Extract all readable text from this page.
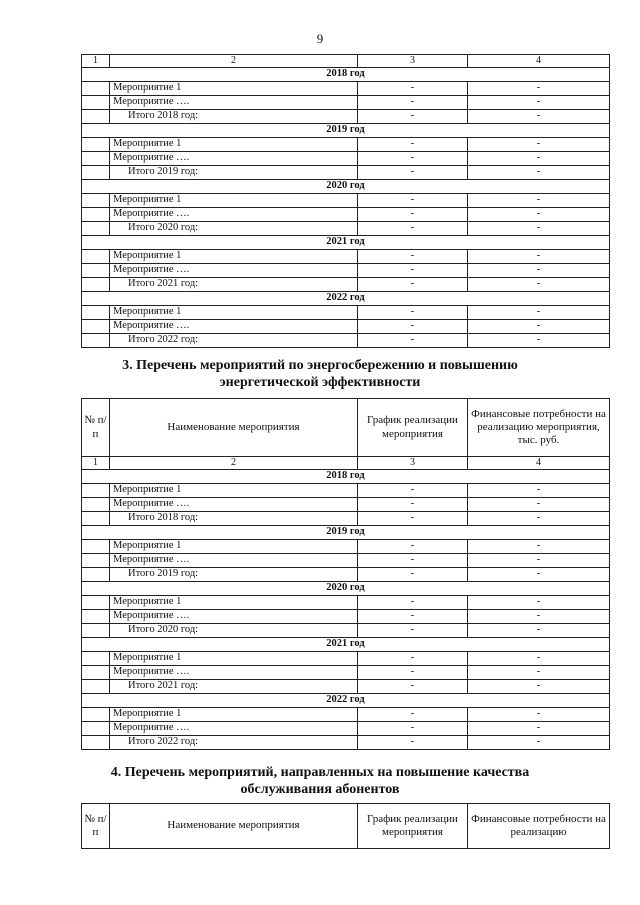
9
1	2	3	4
2018 год			
	Мероприятие 1	-	-
	Мероприятие ….	-	-
	Итого 2018 год:	-	-
2019 год			
	Мероприятие 1	-	-
	Мероприятие ….	-	-
	Итого 2019 год:	-	-
2020 год			
	Мероприятие 1	-	-
	Мероприятие ….	-	-
	Итого 2020 год:	-	-
2021 год			
	Мероприятие 1	-	-
	Мероприятие ….	-	-
	Итого 2021 год:	-	-
2022 год			
	Мероприятие 1	-	-
	Мероприятие ….	-	-
	Итого 2022 год:	-	-
3. Перечень мероприятий по энергосбережению и повышению
энергетической эффективности
№ п/п	Наименование мероприятия	График реализации мероприятия	Финансовые потребности на реализацию мероприятия, тыс. руб.
1	2	3	4
2018 год			
	Мероприятие 1	-	-
	Мероприятие ….	-	-
	Итого 2018 год:	-	-
2019 год			
	Мероприятие 1	-	-
	Мероприятие ….	-	-
	Итого 2019 год:	-	-
2020 год			
	Мероприятие 1	-	-
	Мероприятие ….	-	-
	Итого 2020 год:	-	-
2021 год			
	Мероприятие 1	-	-
	Мероприятие ….	-	-
	Итого 2021 год:	-	-
2022 год			
	Мероприятие 1	-	-
	Мероприятие ….	-	-
	Итого 2022 год:	-	-
4. Перечень мероприятий, направленных на повышение качества
обслуживания абонентов
№ п/п	Наименование мероприятия	График реализации мероприятия	Финансовые потребности на реализацию
